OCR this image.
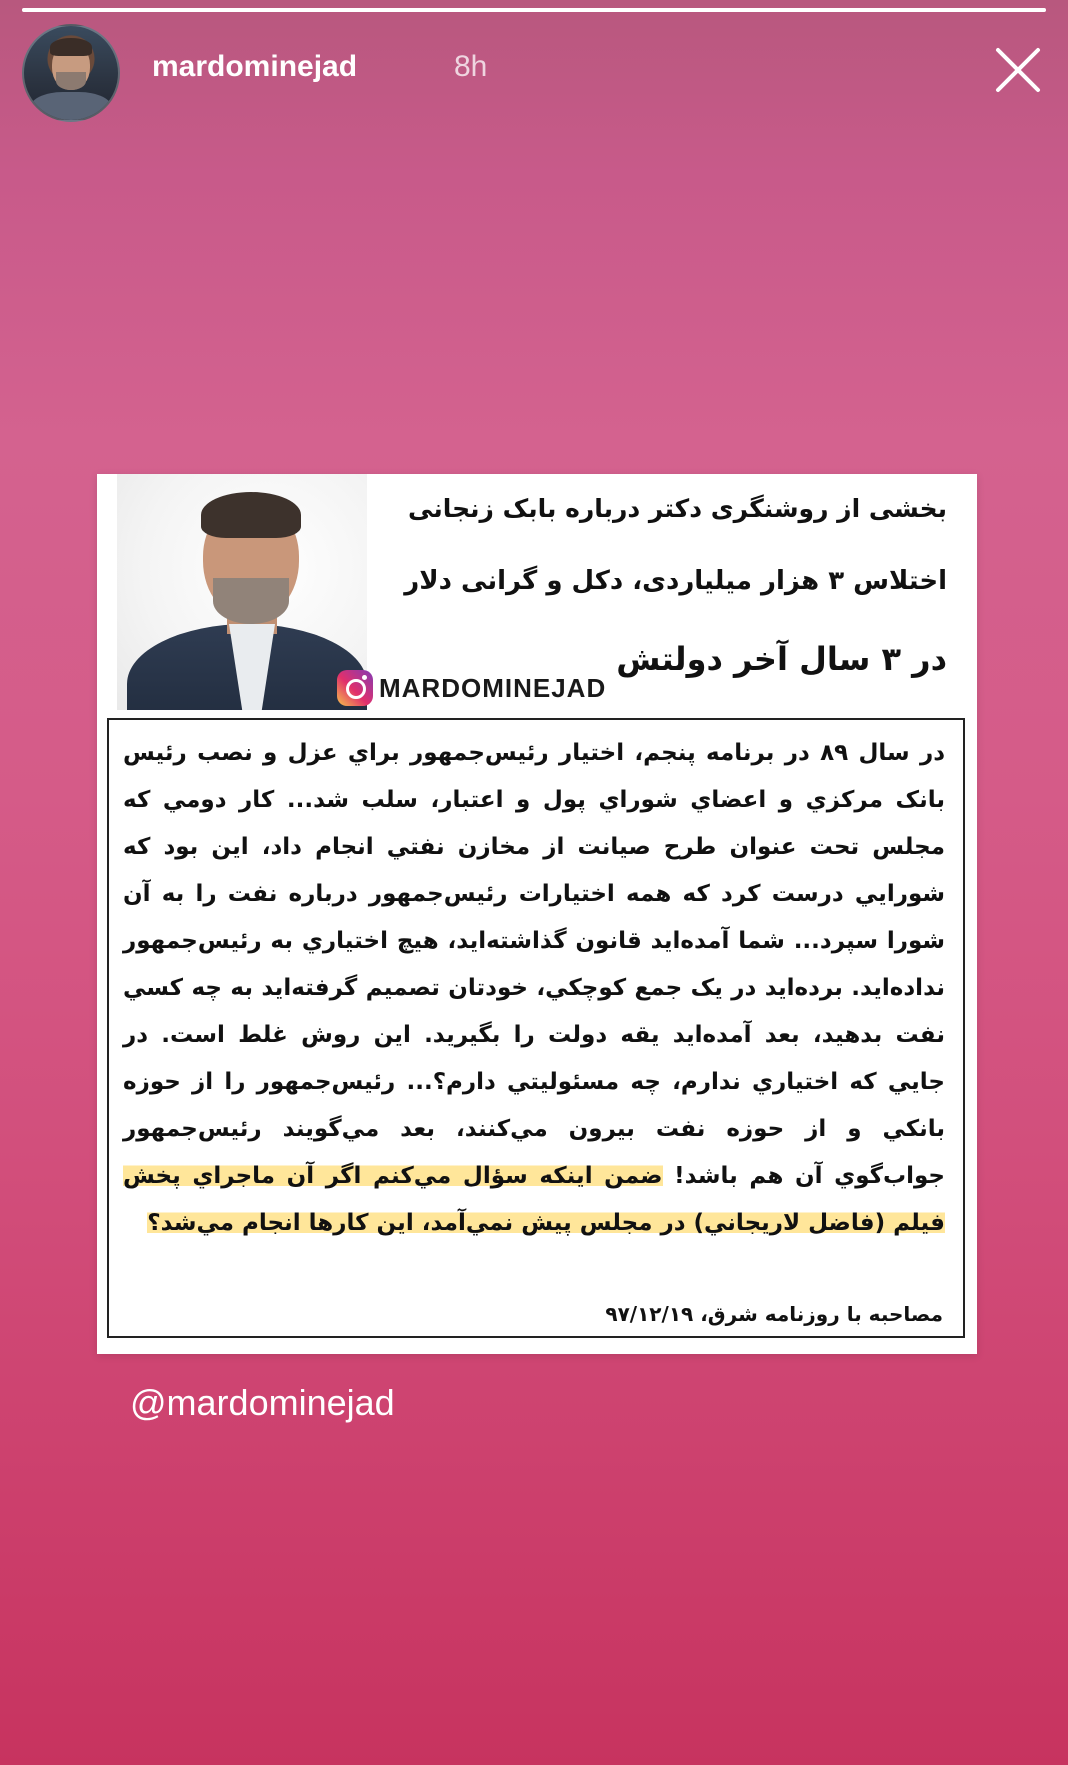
mardominejad	8h
بخشی از روشنگری دکتر درباره بابک زنجانی
اختلاس ۳ هزار میلیاردی، دکل و گرانی دلار
در ۳ سال آخر دولتش
MARDOMINEJAD
در سال ۸۹ در برنامه پنجم، اختیار رئیس‌جمهور براي عزل و نصب رئیس بانک مرکزي و اعضاي شوراي پول و اعتبار، سلب شد... کار دومي که مجلس تحت عنوان طرح صیانت از مخازن نفتي انجام داد، این بود که شورایي درست کرد که همه اختیارات رئیس‌جمهور درباره نفت را به آن شورا سپرد... شما آمده‌اید قانون گذاشته‌اید، هیچ اختیاري به رئیس‌جمهور نداده‌اید. برده‌اید در یک جمع کوچکي، خودتان تصمیم گرفته‌اید به چه کسي نفت بدهید، بعد آمده‌اید یقه دولت را بگیرید. این روش غلط است. در جایي که اختیاري ندارم، چه مسئولیتي دارم؟... رئیس‌جمهور را از حوزه بانکي و از حوزه نفت بیرون مي‌کنند، بعد مي‌گویند رئیس‌جمهور جواب‌گوي آن هم باشد! ضمن اینکه سؤال مي‌کنم اگر آن ماجراي پخش فیلم (فاضل لاریجاني) در مجلس پیش نمي‌آمد، این کارها انجام مي‌شد؟
مصاحبه با روزنامه شرق، ۹۷/۱۲/۱۹
@mardominejad
